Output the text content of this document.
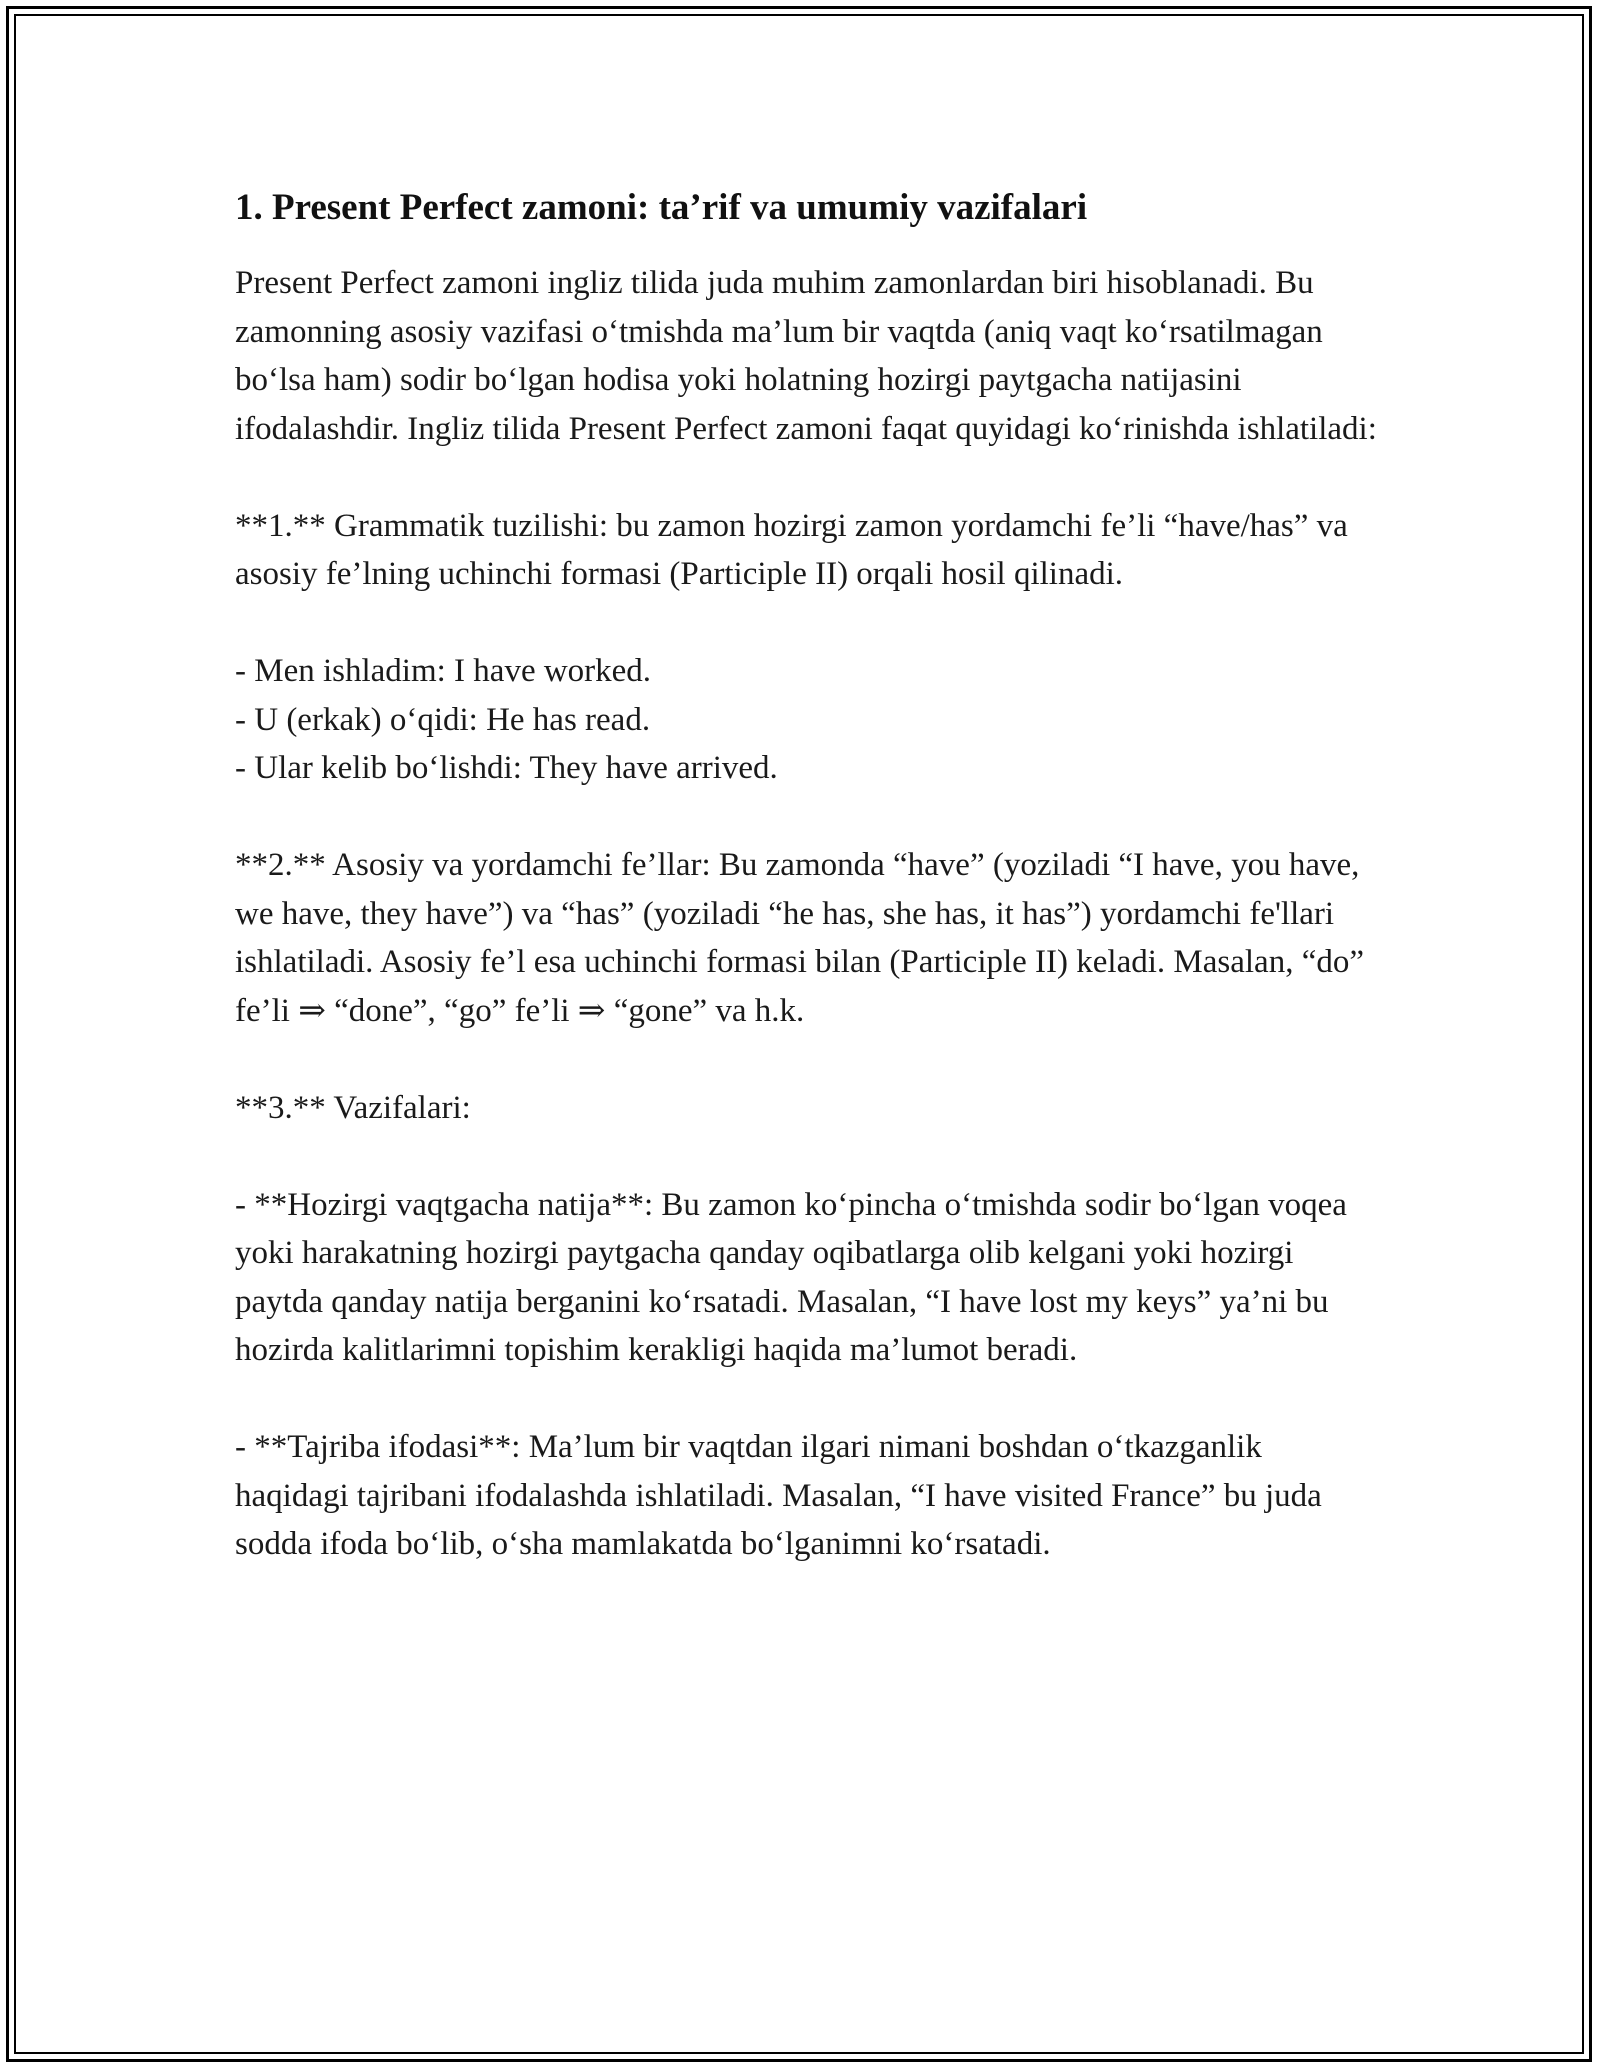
1. Present Perfect zamoni: ta’rif va umumiy vazifalari

Present Perfect zamoni ingliz tilida juda muhim zamonlardan biri hisoblanadi. Bu zamonning asosiy vazifasi o‘tmishda ma’lum bir vaqtda (aniq vaqt ko‘rsatilmagan bo‘lsa ham) sodir bo‘lgan hodisa yoki holatning hozirgi paytgacha natijasini ifodalashdir. Ingliz tilida Present Perfect zamoni faqat quyidagi ko‘rinishda ishlatiladi:

**1.** Grammatik tuzilishi: bu zamon hozirgi zamon yordamchi fe’li “have/has” va asosiy fe’lning uchinchi formasi (Participle II) orqali hosil qilinadi.

- Men ishladim: I have worked.
- U (erkak) o‘qidi: He has read.
- Ular kelib bo‘lishdi: They have arrived.

**2.** Asosiy va yordamchi fe’llar: Bu zamonda “have” (yoziladi “I have, you have, we have, they have”) va “has” (yoziladi “he has, she has, it has”) yordamchi fe'llari ishlatiladi. Asosiy fe’l esa uchinchi formasi bilan (Participle II) keladi. Masalan, “do” fe’li ⇒ “done”, “go” fe’li ⇒ “gone” va h.k.

**3.** Vazifalari:

- **Hozirgi vaqtgacha natija**: Bu zamon ko‘pincha o‘tmishda sodir bo‘lgan voqea yoki harakatning hozirgi paytgacha qanday oqibatlarga olib kelgani yoki hozirgi paytda qanday natija berganini ko‘rsatadi. Masalan, “I have lost my keys” ya’ni bu hozirda kalitlarimni topishim kerakligi haqida ma’lumot beradi.

- **Tajriba ifodasi**: Ma’lum bir vaqtdan ilgari nimani boshdan o‘tkazganlik haqidagi tajribani ifodalashda ishlatiladi. Masalan, “I have visited France” bu juda sodda ifoda bo‘lib, o‘sha mamlakatda bo‘lganimni ko‘rsatadi.
